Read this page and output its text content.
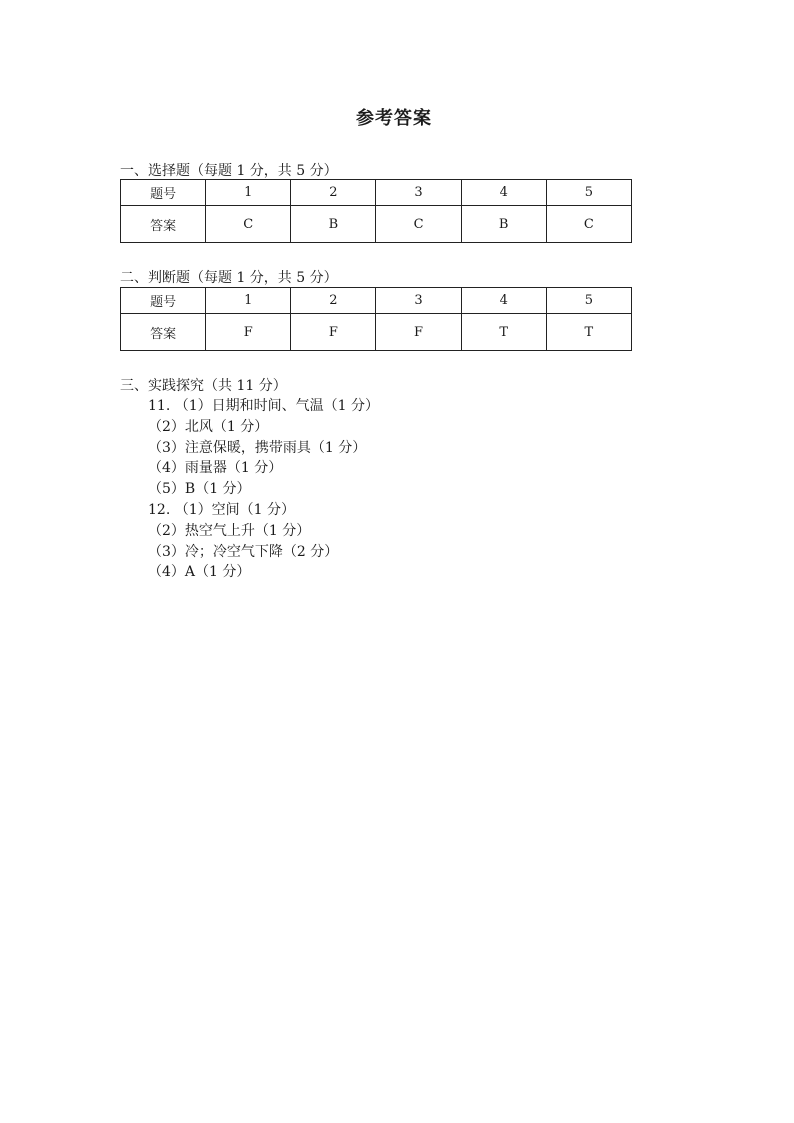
参考答案
一、选择题（每题 1 分，共 5 分）
题号	1	2	3	4	5
答案	C	B	C	B	C
二、判断题（每题 1 分，共 5 分）
题号	1	2	3	4	5
答案	F	F	F	T	T
三、实践探究（共 11 分）
11. （1）日期和时间、气温（1 分）
（2）北风（1 分）
（3）注意保暖，携带雨具（1 分）
（4）雨量器（1 分）
（5）B（1 分）
12. （1）空间（1 分）
（2）热空气上升（1 分）
（3）冷；冷空气下降（2 分）
（4）A（1 分）
